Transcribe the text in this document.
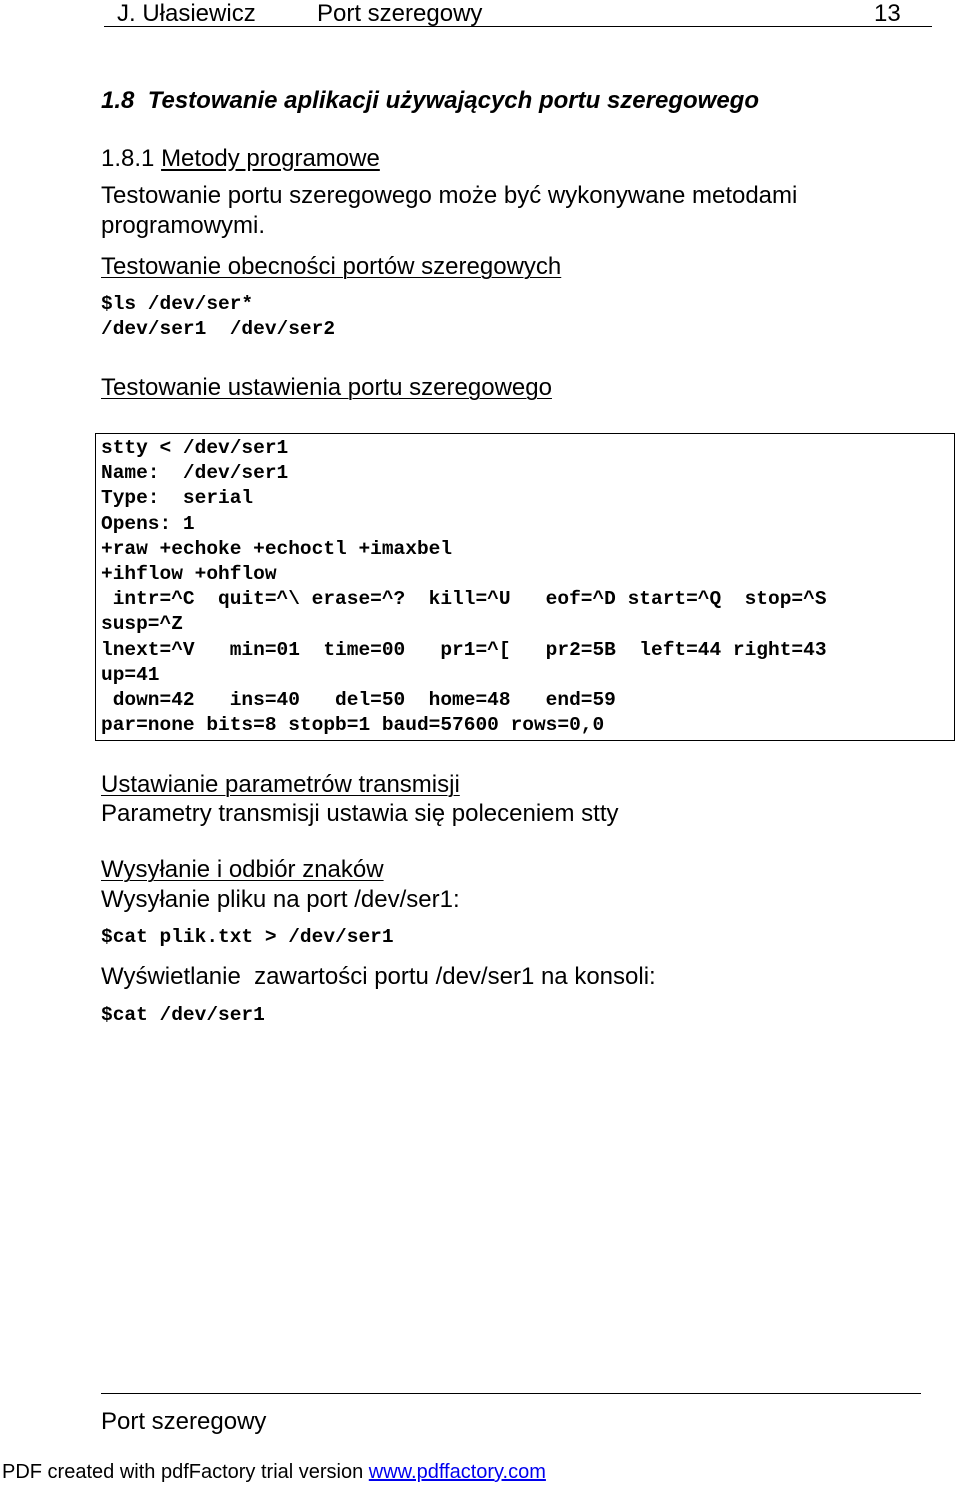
J. Ułasiewicz	Port szeregowy	13
1.8  Testowanie aplikacji używających portu szeregowego
1.8.1 Metody programowe
Testowanie portu szeregowego może być wykonywane metodami
programowymi.
Testowanie obecności portów szeregowych
$ls /dev/ser*
/dev/ser1  /dev/ser2
Testowanie ustawienia portu szeregowego
stty < /dev/ser1
Name:  /dev/ser1
Type:  serial
Opens: 1
+raw +echoke +echoctl +imaxbel
+ihflow +ohflow
intr=^C  quit=^\ erase=^?  kill=^U   eof=^D start=^Q  stop=^S
susp=^Z
lnext=^V   min=01  time=00   pr1=^[   pr2=5B  left=44 right=43
up=41
down=42   ins=40   del=50  home=48   end=59
par=none bits=8 stopb=1 baud=57600 rows=0,0
Ustawianie parametrów transmisji
Parametry transmisji ustawia się poleceniem stty
Wysyłanie i odbiór znaków
Wysyłanie pliku na port /dev/ser1:
$cat plik.txt > /dev/ser1
Wyświetlanie  zawartości portu /dev/ser1 na konsoli:
$cat /dev/ser1
Port szeregowy
PDF created with pdfFactory trial version www.pdffactory.com
